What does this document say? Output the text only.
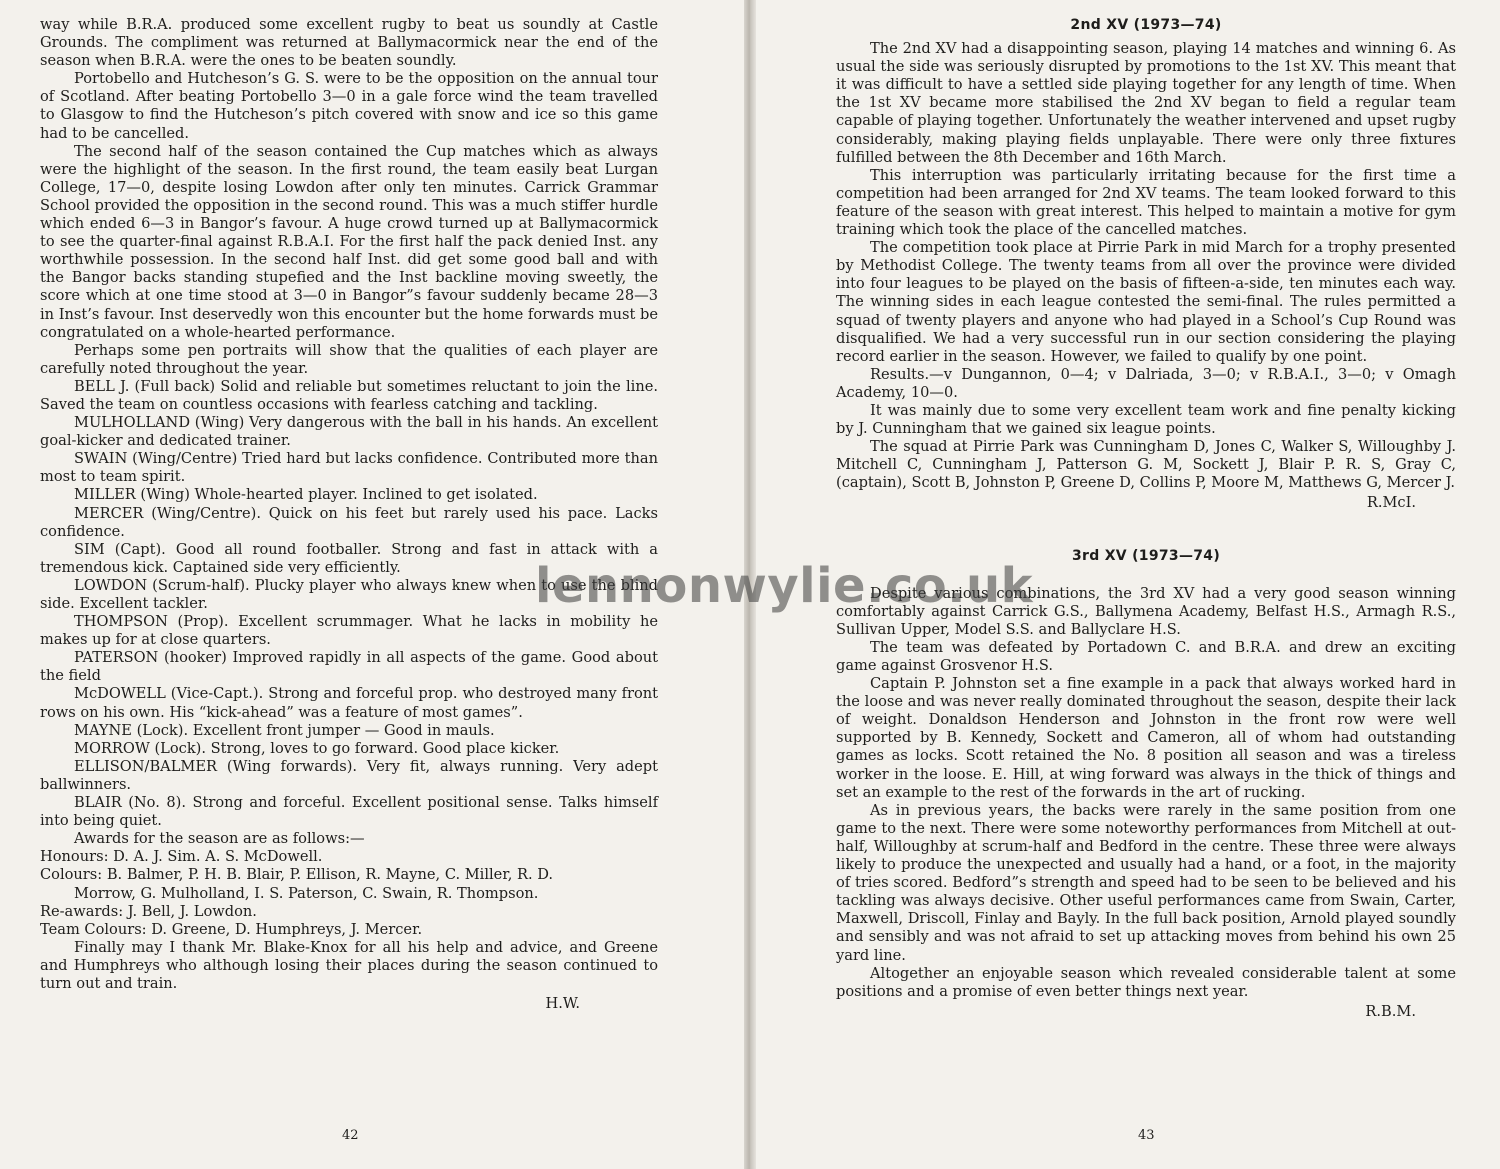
way while B.R.A. produced some excellent rugby to beat us soundly at Castle Grounds. The compliment was returned at Ballymacormick near the end of the season when B.R.A. were the ones to be beaten soundly.

Portobello and Hutcheson’s G. S. were to be the opposition on the annual tour of Scotland. After beating Portobello 3—0 in a gale force wind the team travelled to Glasgow to find the Hutcheson’s pitch covered with snow and ice so this game had to be cancelled.

The second half of the season contained the Cup matches which as always were the highlight of the season. In the first round, the team easily beat Lurgan College, 17—0, despite losing Lowdon after only ten minutes. Carrick Grammar School provided the opposition in the second round. This was a much stiffer hurdle which ended 6—3 in Bangor’s favour. A huge crowd turned up at Ballymacormick to see the quarter-final against R.B.A.I. For the first half the pack denied Inst. any worthwhile possession. In the second half Inst. did get some good ball and with the Bangor backs standing stupefied and the Inst backline moving sweetly, the score which at one time stood at 3—0 in Bangor”s favour suddenly became 28—3 in Inst’s favour. Inst deservedly won this encounter but the home forwards must be congratulated on a whole-hearted performance.

Perhaps some pen portraits will show that the qualities of each player are carefully noted throughout the year.

BELL J. (Full back) Solid and reliable but sometimes reluctant to join the line. Saved the team on countless occasions with fearless catching and tackling.

MULHOLLAND (Wing) Very dangerous with the ball in his hands. An excellent goal-kicker and dedicated trainer.

SWAIN (Wing/Centre) Tried hard but lacks confidence. Contributed more than most to team spirit.

MILLER (Wing) Whole-hearted player. Inclined to get isolated.

MERCER (Wing/Centre). Quick on his feet but rarely used his pace. Lacks confidence.

SIM (Capt). Good all round footballer. Strong and fast in attack with a tremendous kick. Captained side very efficiently.

LOWDON (Scrum-half). Plucky player who always knew when to use the blind side. Excellent tackler.

THOMPSON (Prop). Excellent scrummager. What he lacks in mobility he makes up for at close quarters.

PATERSON (hooker) Improved rapidly in all aspects of the game. Good about the field

McDOWELL (Vice-Capt.). Strong and forceful prop. who destroyed many front rows on his own. His “kick-ahead” was a feature of most games”.

MAYNE (Lock). Excellent front jumper — Good in mauls.

MORROW (Lock). Strong, loves to go forward. Good place kicker.

ELLISON/BALMER (Wing forwards). Very fit, always running. Very adept ballwinners.

BLAIR (No. 8). Strong and forceful. Excellent positional sense. Talks himself into being quiet.

Awards for the season are as follows:—

Honours: D. A. J. Sim. A. S. McDowell.

Colours: B. Balmer, P. H. B. Blair, P. Ellison, R. Mayne, C. Miller, R. D.

Morrow, G. Mulholland, I. S. Paterson, C. Swain, R. Thompson.

Re-awards: J. Bell, J. Lowdon.

Team Colours: D. Greene, D. Humphreys, J. Mercer.

Finally may I thank Mr. Blake-Knox for all his help and advice, and Greene and Humphreys who although losing their places during the season continued to turn out and train.

H.W.
42
2nd XV (1973—74)

The 2nd XV had a disappointing season, playing 14 matches and winning 6. As usual the side was seriously disrupted by promotions to the 1st XV. This meant that it was difficult to have a settled side playing together for any length of time. When the 1st XV became more stabilised the 2nd XV began to field a regular team capable of playing together. Unfortunately the weather intervened and upset rugby considerably, making playing fields unplayable. There were only three fixtures fulfilled between the 8th December and 16th March.

This interruption was particularly irritating because for the first time a competition had been arranged for 2nd XV teams. The team looked forward to this feature of the season with great interest. This helped to maintain a motive for gym training which took the place of the cancelled matches.

The competition took place at Pirrie Park in mid March for a trophy presented by Methodist College. The twenty teams from all over the province were divided into four leagues to be played on the basis of fifteen-a-side, ten minutes each way. The winning sides in each league contested the semi-final. The rules permitted a squad of twenty players and anyone who had played in a School’s Cup Round was disqualified. We had a very successful run in our section considering the playing record earlier in the season. However, we failed to qualify by one point.

Results.—v Dungannon, 0—4; v Dalriada, 3—0; v R.B.A.I., 3—0; v Omagh Academy, 10—0.

It was mainly due to some very excellent team work and fine penalty kicking by J. Cunningham that we gained six league points.

The squad at Pirrie Park was Cunningham D, Jones C, Walker S, Willoughby J. Mitchell C, Cunningham J, Patterson G. M, Sockett J, Blair P. R. S, Gray C, (captain), Scott B, Johnston P, Greene D, Collins P, Moore M, Matthews G, Mercer J.

R.McI.
3rd XV (1973—74)

Despite various combinations, the 3rd XV had a very good season winning comfortably against Carrick G.S., Ballymena Academy, Belfast H.S., Armagh R.S., Sullivan Upper, Model S.S. and Ballyclare H.S.

The team was defeated by Portadown C. and B.R.A. and drew an exciting game against Grosvenor H.S.

Captain P. Johnston set a fine example in a pack that always worked hard in the loose and was never really dominated throughout the season, despite their lack of weight. Donaldson Henderson and Johnston in the front row were well supported by B. Kennedy, Sockett and Cameron, all of whom had outstanding games as locks. Scott retained the No. 8 position all season and was a tireless worker in the loose. E. Hill, at wing forward was always in the thick of things and set an example to the rest of the forwards in the art of rucking.

As in previous years, the backs were rarely in the same position from one game to the next. There were some noteworthy performances from Mitchell at out-half, Willoughby at scrum-half and Bedford in the centre. These three were always likely to produce the unexpected and usually had a hand, or a foot, in the majority of tries scored. Bedford”s strength and speed had to be seen to be believed and his tackling was always decisive. Other useful performances came from Swain, Carter, Maxwell, Driscoll, Finlay and Bayly. In the full back position, Arnold played soundly and sensibly and was not afraid to set up attacking moves from behind his own 25 yard line.

Altogether an enjoyable season which revealed considerable talent at some positions and a promise of even better things next year.

R.B.M.
43
lennonwylie.co.uk
